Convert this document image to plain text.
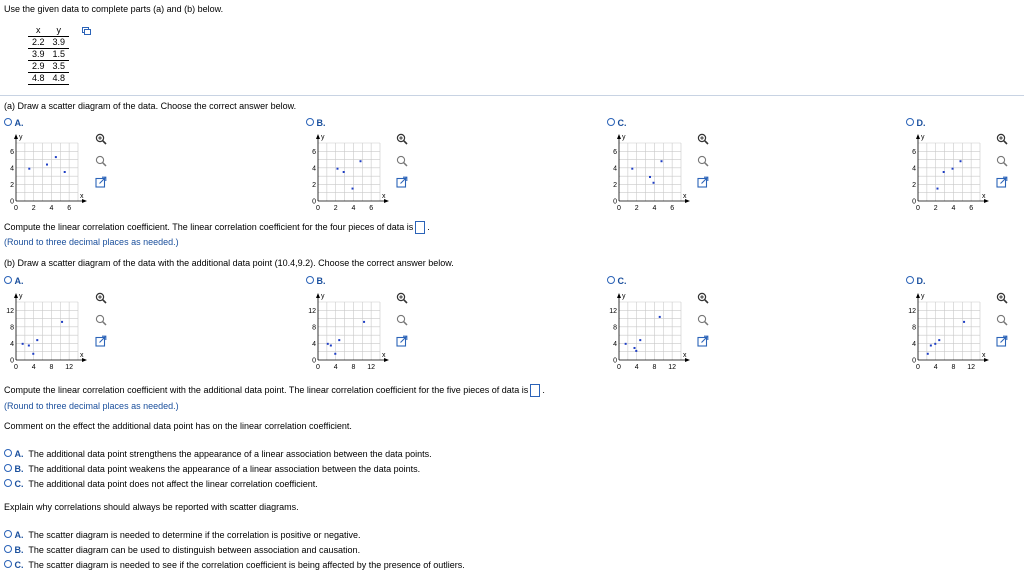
Use the given data to complete parts (a) and (b) below.
x	y
2.2	3.9
3.9	1.5
2.9	3.5
4.8	4.8
(a) Draw a scatter diagram of the data. Choose the correct answer below.
A.	B.	C.	D.
x
y
0 2 4 6
0
2
4
6
x
y
0 2 4 6
0
2
4
6
x
y
0 2 4 6
0
2
4
6
x
y
0 2 4 6
0
2
4
6
Compute the linear correlation coefficient. The linear correlation coefficient for the four pieces of data is .
(Round to three decimal places as needed.)
(b) Draw a scatter diagram of the data with the additional data point (10.4,9.2). Choose the correct answer below.
A.	B.	C.	D.
x
y
0 4 8 12
0
4
8
12
x
y
0 4 8 12
0
4
8
12
x
y
0 4 8 12
0
4
8
12
x
y
0 4 8 12
0
4
8
12
Compute the linear correlation coefficient with the additional data point. The linear correlation coefficient for the five pieces of data is .
(Round to three decimal places as needed.)
Comment on the effect the additional data point has on the linear correlation coefficient.
A. The additional data point strengthens the appearance of a linear association between the data points.
B. The additional data point weakens the appearance of a linear association between the data points.
C. The additional data point does not affect the linear correlation coefficient.
Explain why correlations should always be reported with scatter diagrams.
A. The scatter diagram is needed to determine if the correlation is positive or negative.
B. The scatter diagram can be used to distinguish between association and causation.
C. The scatter diagram is needed to see if the correlation coefficient is being affected by the presence of outliers.
